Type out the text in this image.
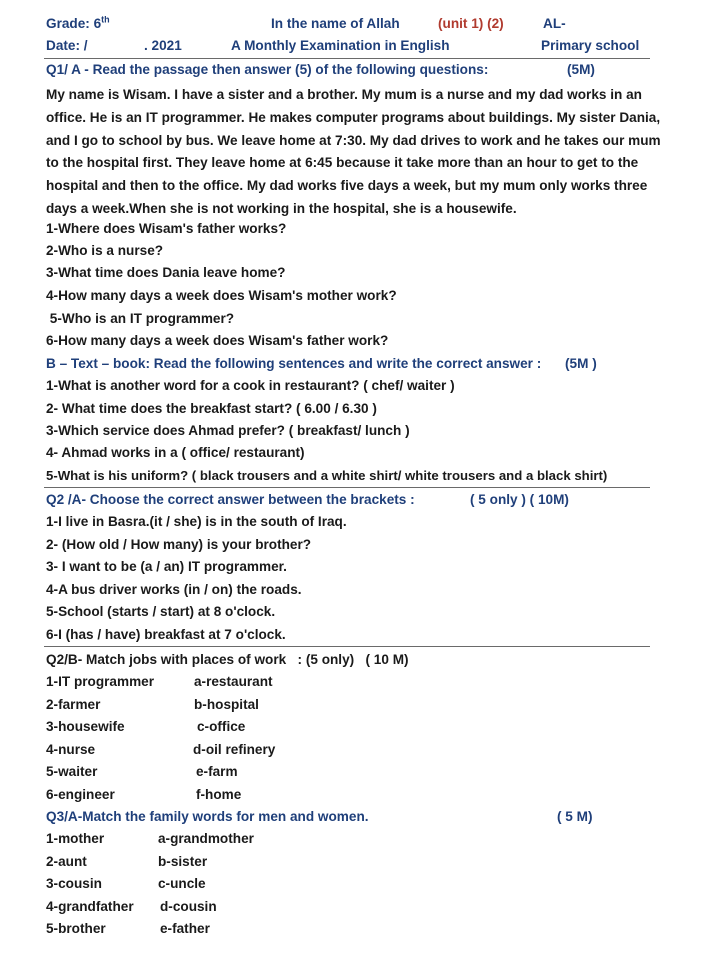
Grade: 6th	In the name of Allah	(unit 1) (2)	AL-
Date: /	. 2021	A Monthly Examination in English	Primary school
Q1/ A - Read the passage then answer (5) of the following questions:	(5M)
My name is Wisam. I have a sister and a brother. My mum is a nurse and my dad works in an office. He is an IT programmer. He makes computer programs about buildings. My sister Dania, and I go to school by bus. We leave home at 7:30. My dad drives to work and he takes our mum to the hospital first. They leave home at 6:45 because it take more than an hour to get to the hospital and then to the office. My dad works five days a week, but my mum only works three days a week.When she is not working in the hospital, she is a housewife.
1-Where does Wisam's father works?
2-Who is a nurse?
3-What time does Dania leave home?
4-How many days a week does Wisam's mother work?
5-Who is an IT programmer?
6-How many days a week does Wisam's father work?
B – Text – book: Read the following sentences and write the correct answer : (5M )
1-What is another word for a cook in restaurant? ( chef/ waiter )
2- What time does the breakfast start? ( 6.00 / 6.30 )
3-Which service does Ahmad prefer? ( breakfast/ lunch )
4- Ahmad works in a ( office/ restaurant)
5-What is his uniform? ( black trousers and a white shirt/ white trousers and a black shirt)
Q2 /A- Choose the correct answer between the brackets :	( 5 only ) ( 10M)
1-I live in Basra.(it / she) is in the south of Iraq.
2- (How old / How many) is your brother?
3- I want to be (a / an) IT programmer.
4-A bus driver works (in / on) the roads.
5-School (starts / start) at 8 o'clock.
6-I (has / have) breakfast at 7 o'clock.
Q2/B- Match jobs with places of work   : (5 only)   ( 10 M)
1-IT programmer	a-restaurant
2-farmer	b-hospital
3-housewife	c-office
4-nurse	d-oil refinery
5-waiter	e-farm
6-engineer	f-home
Q3/A-Match the family words for men and women.	( 5 M)
1-mother	a-grandmother
2-aunt	b-sister
3-cousin	c-uncle
4-grandfather d-cousin
5-brother	e-father
